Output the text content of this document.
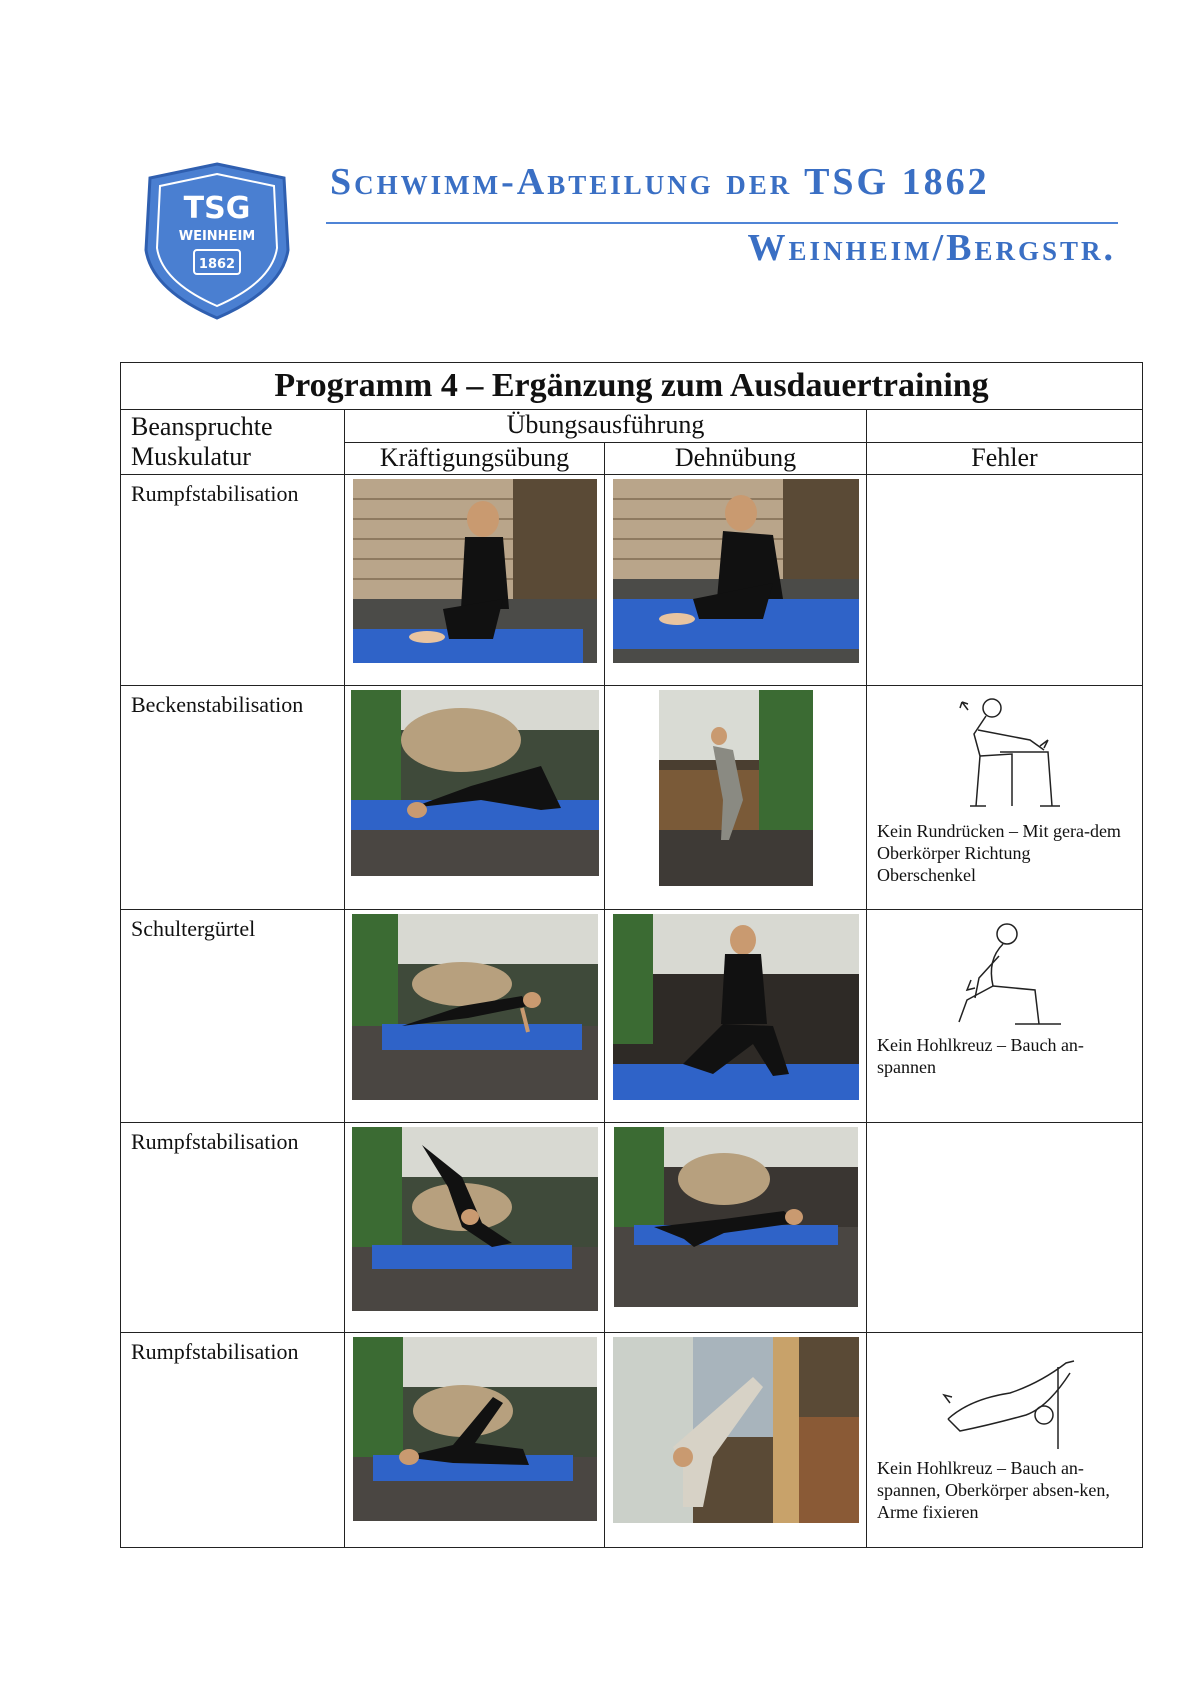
TSG
WEINHEIM
1862
Schwimm-Abteilung der TSG 1862
Weinheim/Bergstr.
Programm 4 – Ergänzung zum Ausdauertraining			

Beanspruchte
Muskulatur	Übungsausführung		
	Kräftigungsübung	Dehnübung	Fehler
Rumpfstabilisation	

Beckenstabilisation			Kein Rundrücken – Mit gera-dem Oberkörper Richtung Oberschenkel

Schultergürtel			Kein Hohlkreuz – Bauch an-spannen

Rumpfstabilisation	

Rumpfstabilisation			Kein Hohlkreuz – Bauch an-spannen, Oberkörper absen-ken, Arme fixieren
